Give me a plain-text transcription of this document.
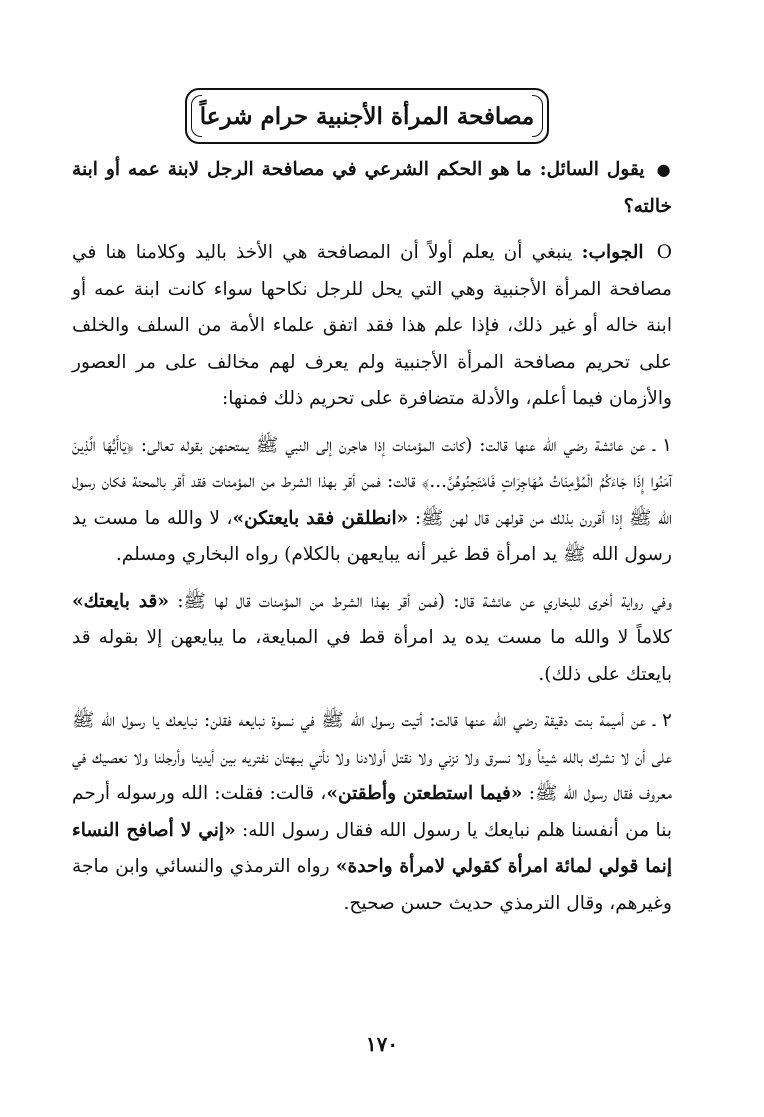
مصافحة المرأة الأجنبية حرام شرعاً

● يقول السائل: ما هو الحكم الشرعي في مصافحة الرجل لابنة عمه أو ابنة خالته؟

O الجواب: ينبغي أن يعلم أولاً أن المصافحة هي الأخذ باليد وكلامنا هنا في مصافحة المرأة الأجنبية وهي التي يحل للرجل نكاحها سواء كانت ابنة عمه أو ابنة خاله أو غير ذلك، فإذا علم هذا فقد اتفق علماء الأمة من السلف والخلف على تحريم مصافحة المرأة الأجنبية ولم يعرف لهم مخالف على مر العصور والأزمان فيما أعلم، والأدلة متضافرة على تحريم ذلك فمنها:

١ ـ عن عائشة رضي الله عنها قالت: (كانت المؤمنات إذا هاجرن إلى النبي ﷺ يمتحنهن بقوله تعالى: ﴿يَاأَيُّهَا الَّذِينَ آمَنُوا إِذَا جَاءَكُمُ الْمُؤْمِنَاتُ مُهَاجِرَاتٍ فَامْتَحِنُوهُنَّ...﴾ قالت: فمن أقر بهذا الشرط من المؤمنات فقد أقر بالمحنة فكان رسول الله ﷺ إذا أقررن بذلك من قولهن قال لهن ﷺ: «انطلقن فقد بايعتكن»، لا والله ما مست يد رسول الله ﷺ يد امرأة قط غير أنه يبايعهن بالكلام) رواه البخاري ومسلم.

وفي رواية أخرى للبخاري عن عائشة قال: (فمن أقر بهذا الشرط من المؤمنات قال لها ﷺ: «قد بايعتك» كلاماً لا والله ما مست يده يد امرأة قط في المبايعة، ما يبايعهن إلا بقوله قد بايعتك على ذلك).

٢ ـ عن أميمة بنت دقيقة رضي الله عنها قالت: أتيت رسول الله ﷺ في نسوة نبايعه فقلن: نبايعك يا رسول الله ﷺ على أن لا نشرك بالله شيئاً ولا نسرق ولا نزني ولا نقتل أولادنا ولا نأتي ببهتان نفتريه بين أيدينا وأرجلنا ولا نعصيك في معروف فقال رسول الله ﷺ: «فيما استطعتن وأطقتن»، قالت: فقلت: الله ورسوله أرحم بنا من أنفسنا هلم نبايعك يا رسول الله فقال رسول الله: «إني لا أصافح النساء إنما قولي لمائة امرأة كقولي لامرأة واحدة» رواه الترمذي والنسائي وابن ماجة وغيرهم، وقال الترمذي حديث حسن صحيح.

١٧٠
